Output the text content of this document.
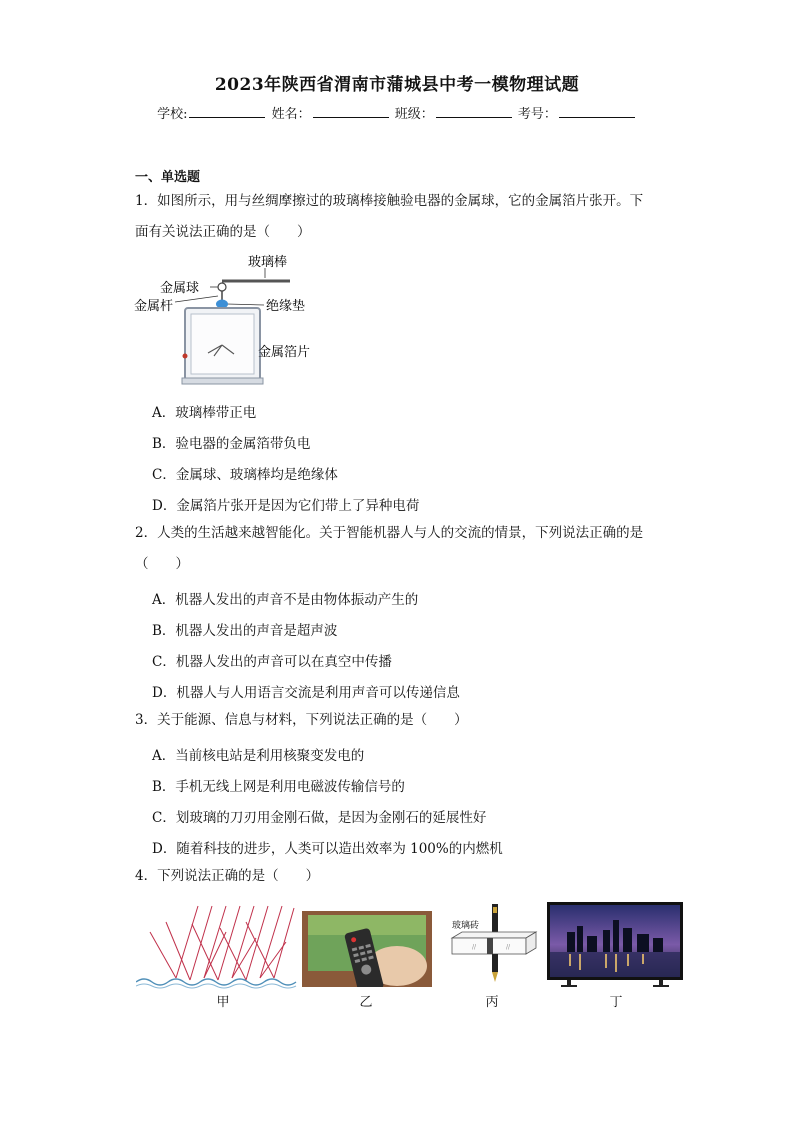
2023年陕西省渭南市蒲城县中考一模物理试题
学校:	姓名：	班级：	考号：
一、单选题
1．如图所示，用与丝绸摩擦过的玻璃棒接触验电器的金属球，它的金属箔片张开。下
面有关说法正确的是（　　）
玻璃棒
金属球
金属杆	绝缘垫
金属箔片
A．玻璃棒带正电
B．验电器的金属箔带负电
C．金属球、玻璃棒均是绝缘体
D．金属箔片张开是因为它们带上了异种电荷
2．人类的生活越来越智能化。关于智能机器人与人的交流的情景，下列说法正确的是
（　　）
A．机器人发出的声音不是由物体振动产生的
B．机器人发出的声音是超声波
C．机器人发出的声音可以在真空中传播
D．机器人与人用语言交流是利用声音可以传递信息
3．关于能源、信息与材料，下列说法正确的是（　　）
A．当前核电站是利用核聚变发电的
B．手机无线上网是利用电磁波传输信号的
C．划玻璃的刀刃用金刚石做，是因为金刚石的延展性好
D．随着科技的进步，人类可以造出效率为 100%的内燃机
4．下列说法正确的是（　　）
玻璃砖
//	//
甲	乙	丙	丁
